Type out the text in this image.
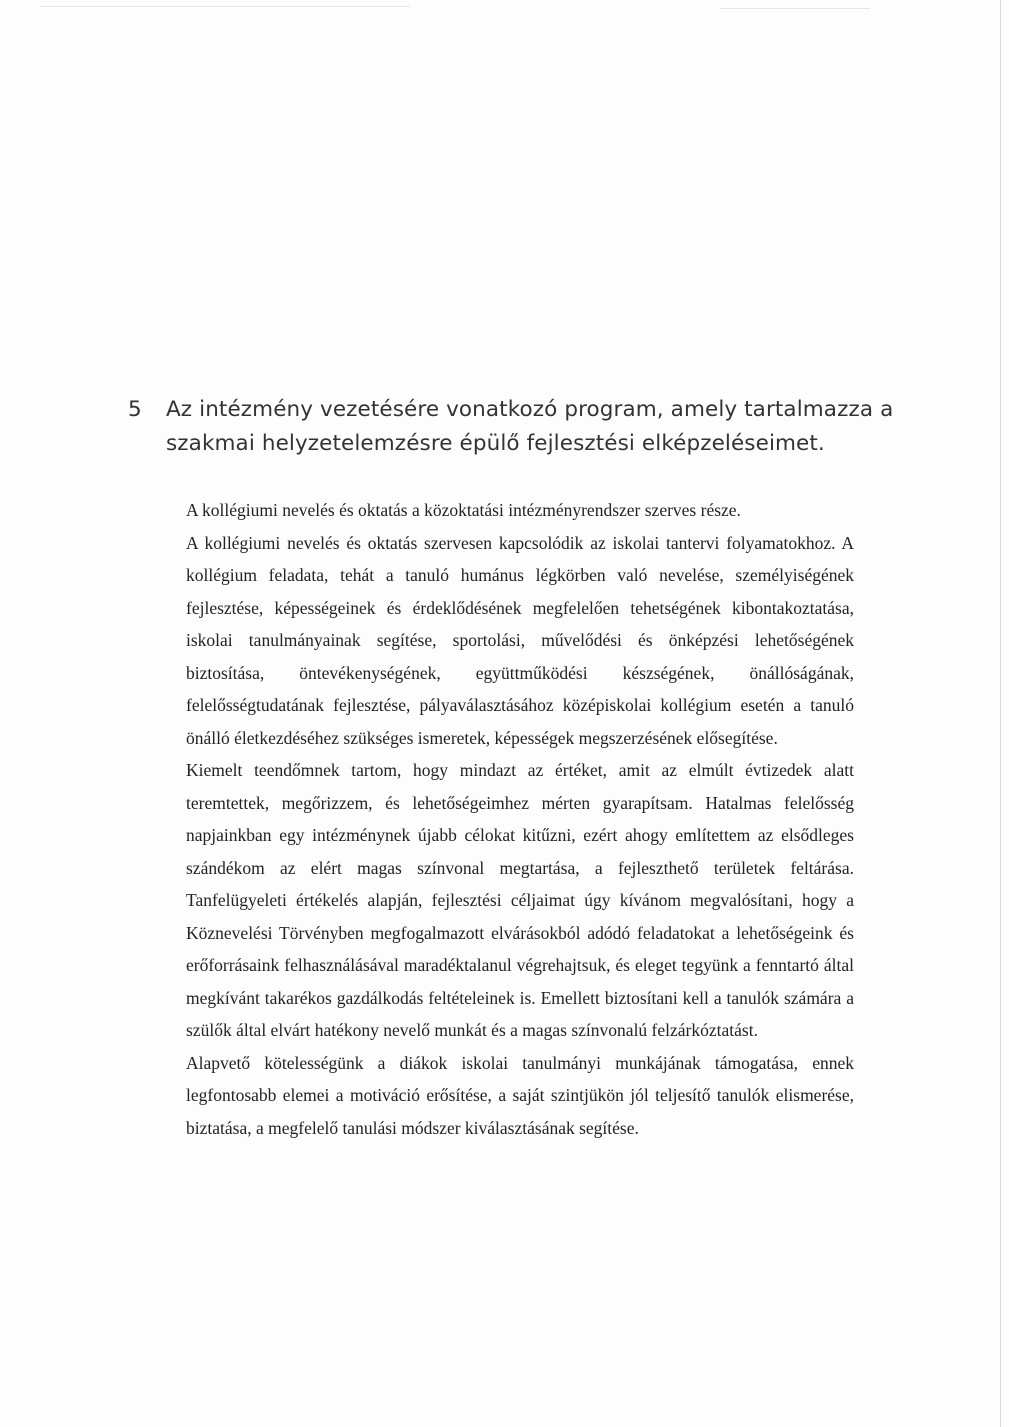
5	Az intézmény vezetésére vonatkozó program, amely tartalmazza a
szakmai helyzetelemzésre épülő fejlesztési elképzeléseimet.

A kollégiumi nevelés és oktatás a közoktatási intézményrendszer szerves része.

A kollégiumi nevelés és oktatás szervesen kapcsolódik az iskolai tantervi folyamatokhoz. A kollégium feladata, tehát a tanuló humánus légkörben való nevelése, személyiségének fejlesztése, képességeinek és érdeklődésének megfelelően tehetségének kibontakoztatása, iskolai tanulmányainak segítése, sportolási, művelődési és önképzési lehetőségének biztosítása, öntevékenységének, együttműködési készségének, önállóságának, felelősségtudatának fejlesztése, pályaválasztásához középiskolai kollégium esetén a tanuló önálló életkezdéséhez szükséges ismeretek, képességek megszerzésének elősegítése.

Kiemelt teendőmnek tartom, hogy mindazt az értéket, amit az elmúlt évtizedek alatt teremtettek, megőrizzem, és lehetőségeimhez mérten gyarapítsam. Hatalmas felelősség napjainkban egy intézménynek újabb célokat kitűzni, ezért ahogy említettem az elsődleges szándékom az elért magas színvonal megtartása, a fejleszthető területek feltárása. Tanfelügyeleti értékelés alapján, fejlesztési céljaimat úgy kívánom megvalósítani, hogy a Köznevelési Törvényben megfogalmazott elvárásokból adódó feladatokat a lehetőségeink és erőforrásaink felhasználásával maradéktalanul végrehajtsuk, és eleget tegyünk a fenntartó által megkívánt takarékos gazdálkodás feltételeinek is. Emellett biztosítani kell a tanulók számára a szülők által elvárt hatékony nevelő munkát és a magas színvonalú felzárkóztatást.

Alapvető kötelességünk a diákok iskolai tanulmányi munkájának támogatása, ennek legfontosabb elemei a motiváció erősítése, a saját szintjükön jól teljesítő tanulók elismerése, biztatása, a megfelelő tanulási módszer kiválasztásának segítése.
